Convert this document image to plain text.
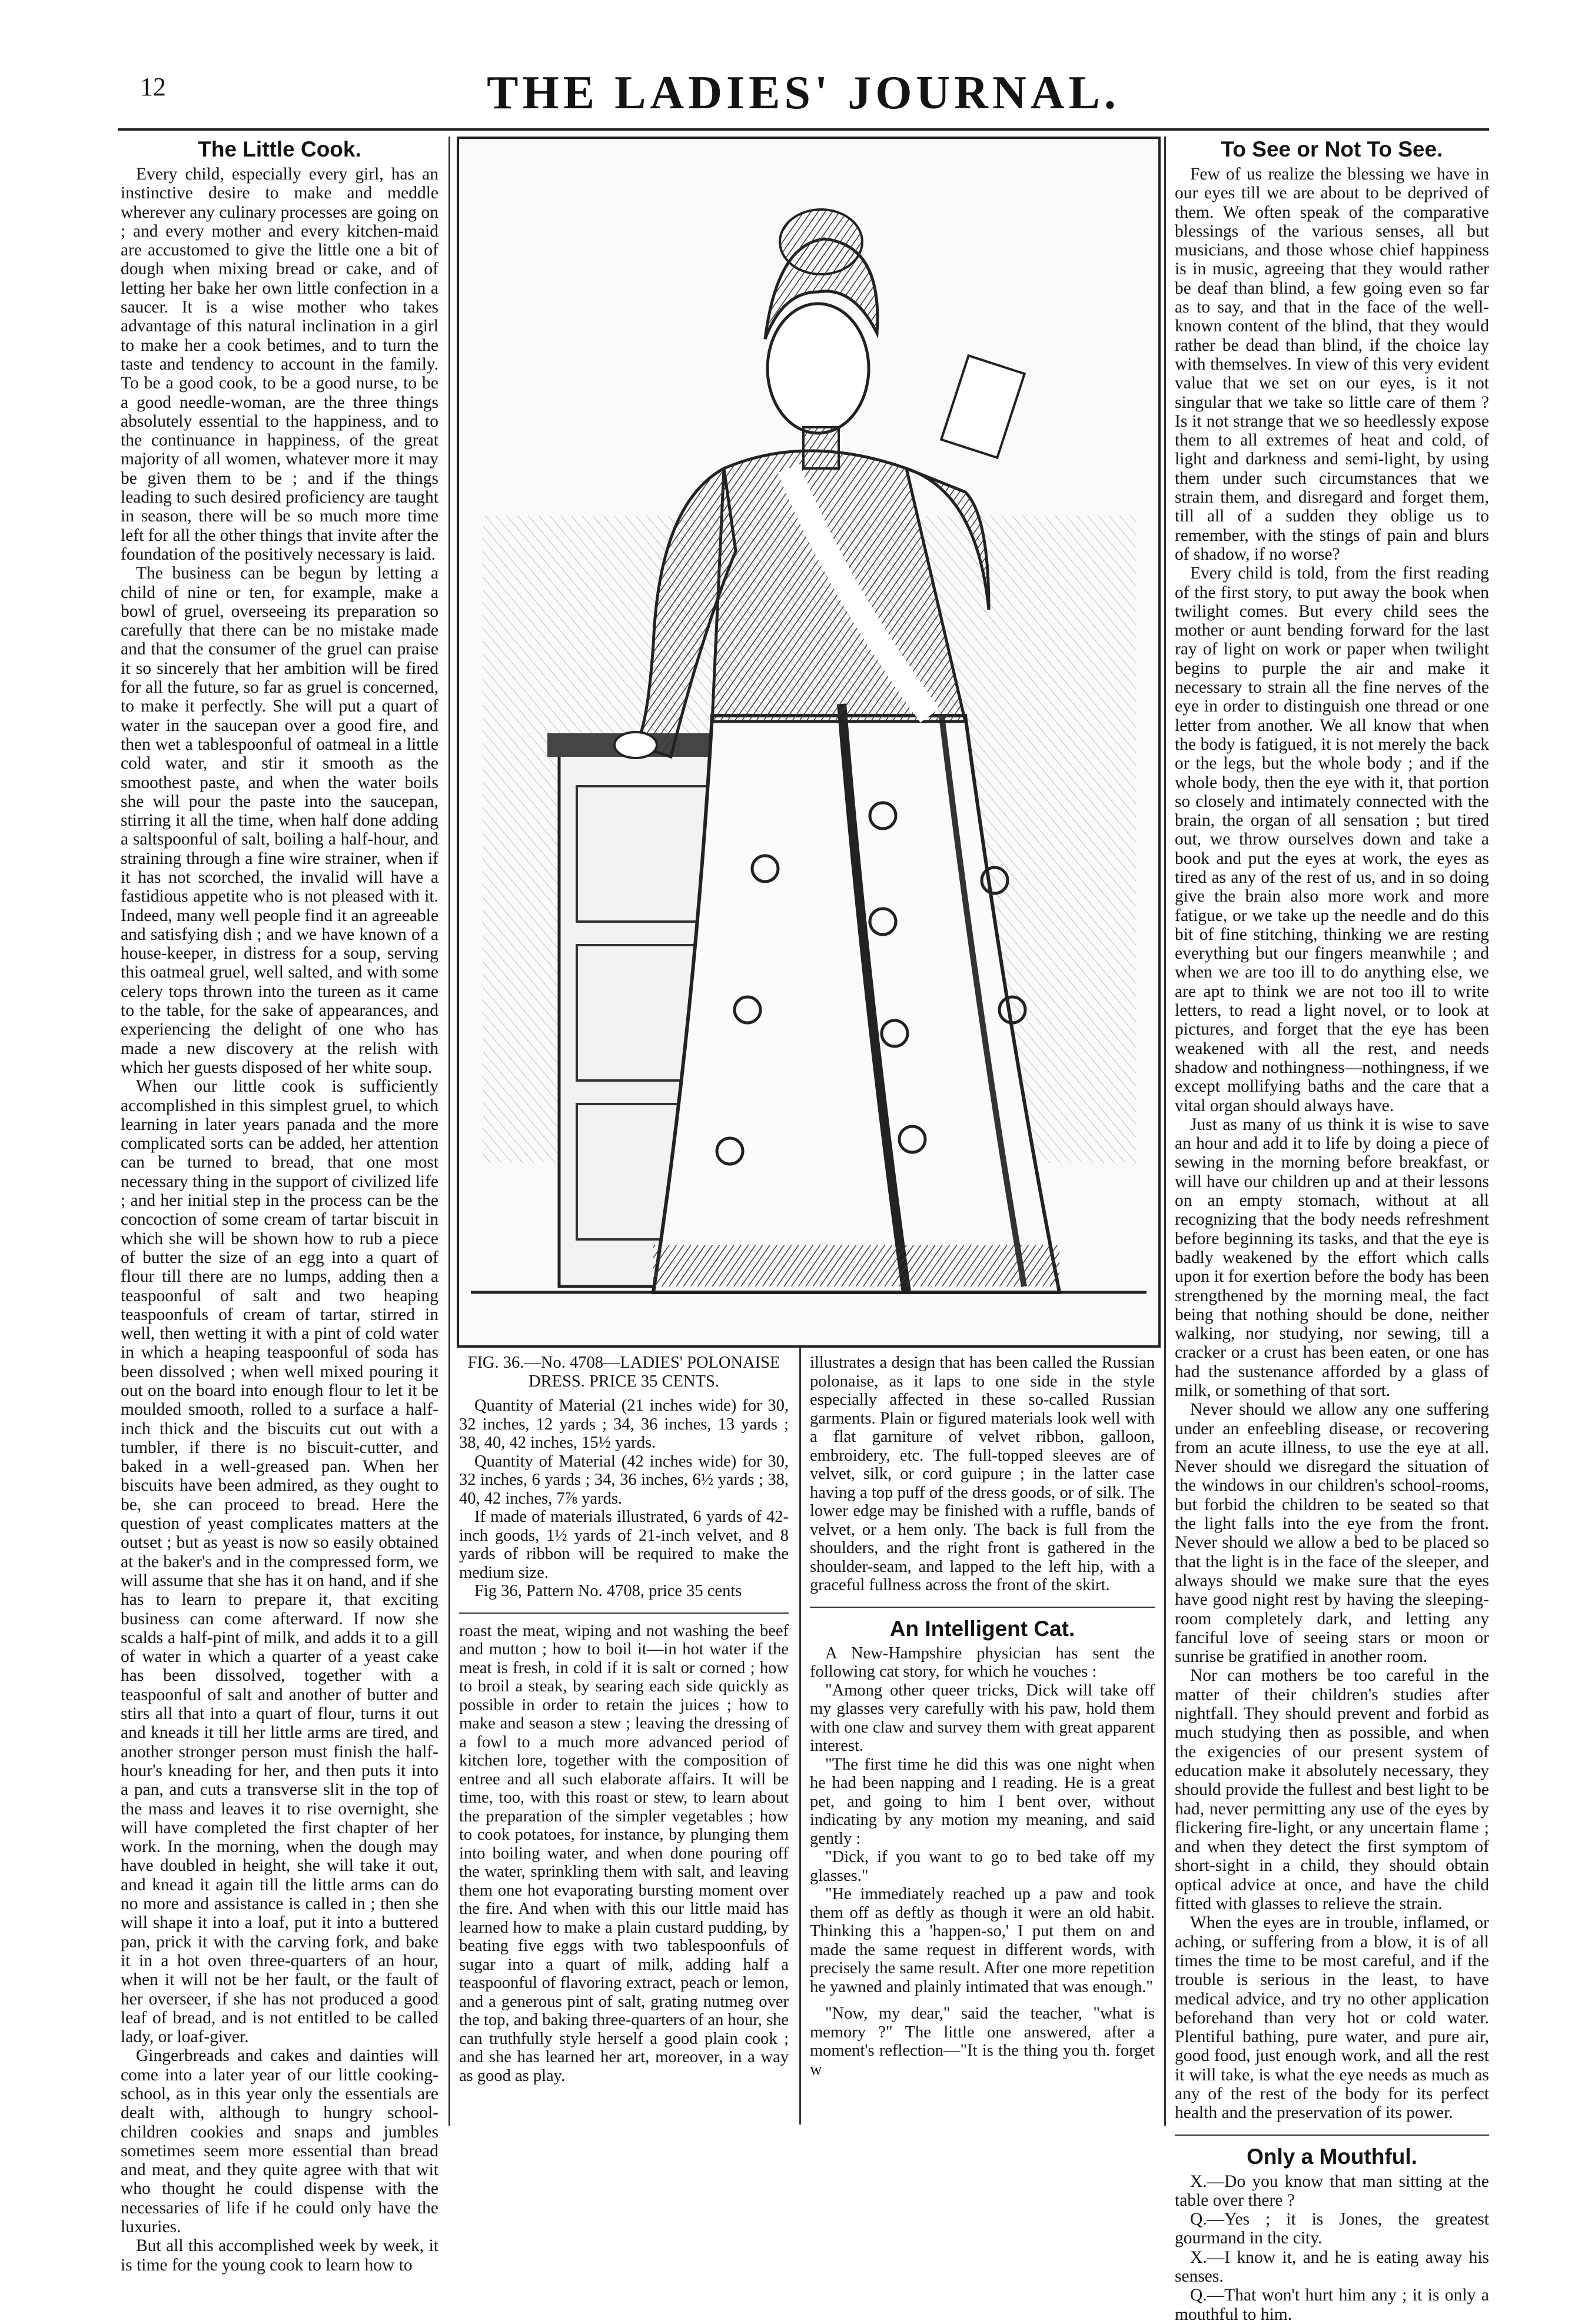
12	THE LADIES' JOURNAL.
The Little Cook.

Every child, especially every girl, has an instinctive desire to make and meddle wherever any culinary processes are going on ; and every mother and every kitchen-maid are accustomed to give the little one a bit of dough when mixing bread or cake, and of letting her bake her own little confection in a saucer. It is a wise mother who takes advantage of this natural inclination in a girl to make her a cook betimes, and to turn the taste and tendency to account in the family. To be a good cook, to be a good nurse, to be a good needle-woman, are the three things absolutely essential to the happiness, and to the continuance in happiness, of the great majority of all women, whatever more it may be given them to be ; and if the things leading to such desired proficiency are taught in season, there will be so much more time left for all the other things that invite after the foundation of the positively necessary is laid.

The business can be begun by letting a child of nine or ten, for example, make a bowl of gruel, overseeing its preparation so carefully that there can be no mistake made and that the consumer of the gruel can praise it so sincerely that her ambition will be fired for all the future, so far as gruel is concerned, to make it perfectly. She will put a quart of water in the saucepan over a good fire, and then wet a tablespoonful of oatmeal in a little cold water, and stir it smooth as the smoothest paste, and when the water boils she will pour the paste into the saucepan, stirring it all the time, when half done adding a saltspoonful of salt, boiling a half-hour, and straining through a fine wire strainer, when if it has not scorched, the invalid will have a fastidious appetite who is not pleased with it. Indeed, many well people find it an agreeable and satisfying dish ; and we have known of a house-keeper, in distress for a soup, serving this oatmeal gruel, well salted, and with some celery tops thrown into the tureen as it came to the table, for the sake of appearances, and experiencing the delight of one who has made a new discovery at the relish with which her guests disposed of her white soup.

When our little cook is sufficiently accomplished in this simplest gruel, to which learning in later years panada and the more complicated sorts can be added, her attention can be turned to bread, that one most necessary thing in the support of civilized life ; and her initial step in the process can be the concoction of some cream of tartar biscuit in which she will be shown how to rub a piece of butter the size of an egg into a quart of flour till there are no lumps, adding then a teaspoonful of salt and two heaping teaspoonfuls of cream of tartar, stirred in well, then wetting it with a pint of cold water in which a heaping teaspoonful of soda has been dissolved ; when well mixed pouring it out on the board into enough flour to let it be moulded smooth, rolled to a surface a half-inch thick and the biscuits cut out with a tumbler, if there is no biscuit-cutter, and baked in a well-greased pan. When her biscuits have been admired, as they ought to be, she can proceed to bread. Here the question of yeast complicates matters at the outset ; but as yeast is now so easily obtained at the baker's and in the compressed form, we will assume that she has it on hand, and if she has to learn to prepare it, that exciting business can come afterward. If now she scalds a half-pint of milk, and adds it to a gill of water in which a quarter of a yeast cake has been dissolved, together with a teaspoonful of salt and another of butter and stirs all that into a quart of flour, turns it out and kneads it till her little arms are tired, and another stronger person must finish the half-hour's kneading for her, and then puts it into a pan, and cuts a transverse slit in the top of the mass and leaves it to rise overnight, she will have completed the first chapter of her work. In the morning, when the dough may have doubled in height, she will take it out, and knead it again till the little arms can do no more and assistance is called in ; then she will shape it into a loaf, put it into a buttered pan, prick it with the carving fork, and bake it in a hot oven three-quarters of an hour, when it will not be her fault, or the fault of her overseer, if she has not produced a good leaf of bread, and is not entitled to be called lady, or loaf-giver.

Gingerbreads and cakes and dainties will come into a later year of our little cooking-school, as in this year only the essentials are dealt with, although to hungry school-children cookies and snaps and jumbles sometimes seem more essential than bread and meat, and they quite agree with that wit who thought he could dispense with the necessaries of life if he could only have the luxuries.

But all this accomplished week by week, it is time for the young cook to learn how to

FIG. 36.—No. 4708—LADIES' POLONAISE DRESS. PRICE 35 CENTS.

Quantity of Material (21 inches wide) for 30, 32 inches, 12 yards ; 34, 36 inches, 13 yards ; 38, 40, 42 inches, 15½ yards.

Quantity of Material (42 inches wide) for 30, 32 inches, 6 yards ; 34, 36 inches, 6½ yards ; 38, 40, 42 inches, 7⅞ yards.

If made of materials illustrated, 6 yards of 42-inch goods, 1½ yards of 21-inch velvet, and 8 yards of ribbon will be required to make the medium size.

Fig 36, Pattern No. 4708, price 35 cents

roast the meat, wiping and not washing the beef and mutton ; how to boil it—in hot water if the meat is fresh, in cold if it is salt or corned ; how to broil a steak, by searing each side quickly as possible in order to retain the juices ; how to make and season a stew ; leaving the dressing of a fowl to a much more advanced period of kitchen lore, together with the composition of entree and all such elaborate affairs. It will be time, too, with this roast or stew, to learn about the preparation of the simpler vegetables ; how to cook potatoes, for instance, by plunging them into boiling water, and when done pouring off the water, sprinkling them with salt, and leaving them one hot evaporating bursting moment over the fire. And when with this our little maid has learned how to make a plain custard pudding, by beating five eggs with two tablespoonfuls of sugar into a quart of milk, adding half a teaspoonful of flavoring extract, peach or lemon, and a generous pint of salt, grating nutmeg over the top, and baking three-quarters of an hour, she can truthfully style herself a good plain cook ; and she has learned her art, moreover, in a way as good as play.

illustrates a design that has been called the Russian polonaise, as it laps to one side in the style especially affected in these so-called Russian garments. Plain or figured materials look well with a flat garniture of velvet ribbon, galloon, embroidery, etc. The full-topped sleeves are of velvet, silk, or cord guipure ; in the latter case having a top puff of the dress goods, or of silk. The lower edge may be finished with a ruffle, bands of velvet, or a hem only. The back is full from the shoulders, and the right front is gathered in the shoulder-seam, and lapped to the left hip, with a graceful fullness across the front of the skirt.

An Intelligent Cat.

A New-Hampshire physician has sent the following cat story, for which he vouches :

"Among other queer tricks, Dick will take off my glasses very carefully with his paw, hold them with one claw and survey them with great apparent interest.

"The first time he did this was one night when he had been napping and I reading. He is a great pet, and going to him I bent over, without indicating by any motion my meaning, and said gently :

"Dick, if you want to go to bed take off my glasses."

"He immediately reached up a paw and took them off as deftly as though it were an old habit. Thinking this a 'happen-so,' I put them on and made the same request in different words, with precisely the same result. After one more repetition he yawned and plainly intimated that was enough."

"Now, my dear," said the teacher, "what is memory ?" The little one answered, after a moment's reflection—"It is the thing you th. forget w

To See or Not To See.

Few of us realize the blessing we have in our eyes till we are about to be deprived of them. We often speak of the comparative blessings of the various senses, all but musicians, and those whose chief happiness is in music, agreeing that they would rather be deaf than blind, a few going even so far as to say, and that in the face of the well-known content of the blind, that they would rather be dead than blind, if the choice lay with themselves. In view of this very evident value that we set on our eyes, is it not singular that we take so little care of them ? Is it not strange that we so heedlessly expose them to all extremes of heat and cold, of light and darkness and semi-light, by using them under such circumstances that we strain them, and disregard and forget them, till all of a sudden they oblige us to remember, with the stings of pain and blurs of shadow, if no worse?

Every child is told, from the first reading of the first story, to put away the book when twilight comes. But every child sees the mother or aunt bending forward for the last ray of light on work or paper when twilight begins to purple the air and make it necessary to strain all the fine nerves of the eye in order to distinguish one thread or one letter from another. We all know that when the body is fatigued, it is not merely the back or the legs, but the whole body ; and if the whole body, then the eye with it, that portion so closely and intimately connected with the brain, the organ of all sensation ; but tired out, we throw ourselves down and take a book and put the eyes at work, the eyes as tired as any of the rest of us, and in so doing give the brain also more work and more fatigue, or we take up the needle and do this bit of fine stitching, thinking we are resting everything but our fingers meanwhile ; and when we are too ill to do anything else, we are apt to think we are not too ill to write letters, to read a light novel, or to look at pictures, and forget that the eye has been weakened with all the rest, and needs shadow and nothingness—nothingness, if we except mollifying baths and the care that a vital organ should always have.

Just as many of us think it is wise to save an hour and add it to life by doing a piece of sewing in the morning before breakfast, or will have our children up and at their lessons on an empty stomach, without at all recognizing that the body needs refreshment before beginning its tasks, and that the eye is badly weakened by the effort which calls upon it for exertion before the body has been strengthened by the morning meal, the fact being that nothing should be done, neither walking, nor studying, nor sewing, till a cracker or a crust has been eaten, or one has had the sustenance afforded by a glass of milk, or something of that sort.

Never should we allow any one suffering under an enfeebling disease, or recovering from an acute illness, to use the eye at all. Never should we disregard the situation of the windows in our children's school-rooms, but forbid the children to be seated so that the light falls into the eye from the front. Never should we allow a bed to be placed so that the light is in the face of the sleeper, and always should we make sure that the eyes have good night rest by having the sleeping-room completely dark, and letting any fanciful love of seeing stars or moon or sunrise be gratified in another room.

Nor can mothers be too careful in the matter of their children's studies after nightfall. They should prevent and forbid as much studying then as possible, and when the exigencies of our present system of education make it absolutely necessary, they should provide the fullest and best light to be had, never permitting any use of the eyes by flickering fire-light, or any uncertain flame ; and when they detect the first symptom of short-sight in a child, they should obtain optical advice at once, and have the child fitted with glasses to relieve the strain.

When the eyes are in trouble, inflamed, or aching, or suffering from a blow, it is of all times the time to be most careful, and if the trouble is serious in the least, to have medical advice, and try no other application beforehand than very hot or cold water. Plentiful bathing, pure water, and pure air, good food, just enough work, and all the rest it will take, is what the eye needs as much as any of the rest of the body for its perfect health and the preservation of its power.

Only a Mouthful.

X.—Do you know that man sitting at the table over there ?

Q.—Yes ; it is Jones, the greatest gourmand in the city.

X.—I know it, and he is eating away his senses.

Q.—That won't hurt him any ; it is only a mouthful to him.
